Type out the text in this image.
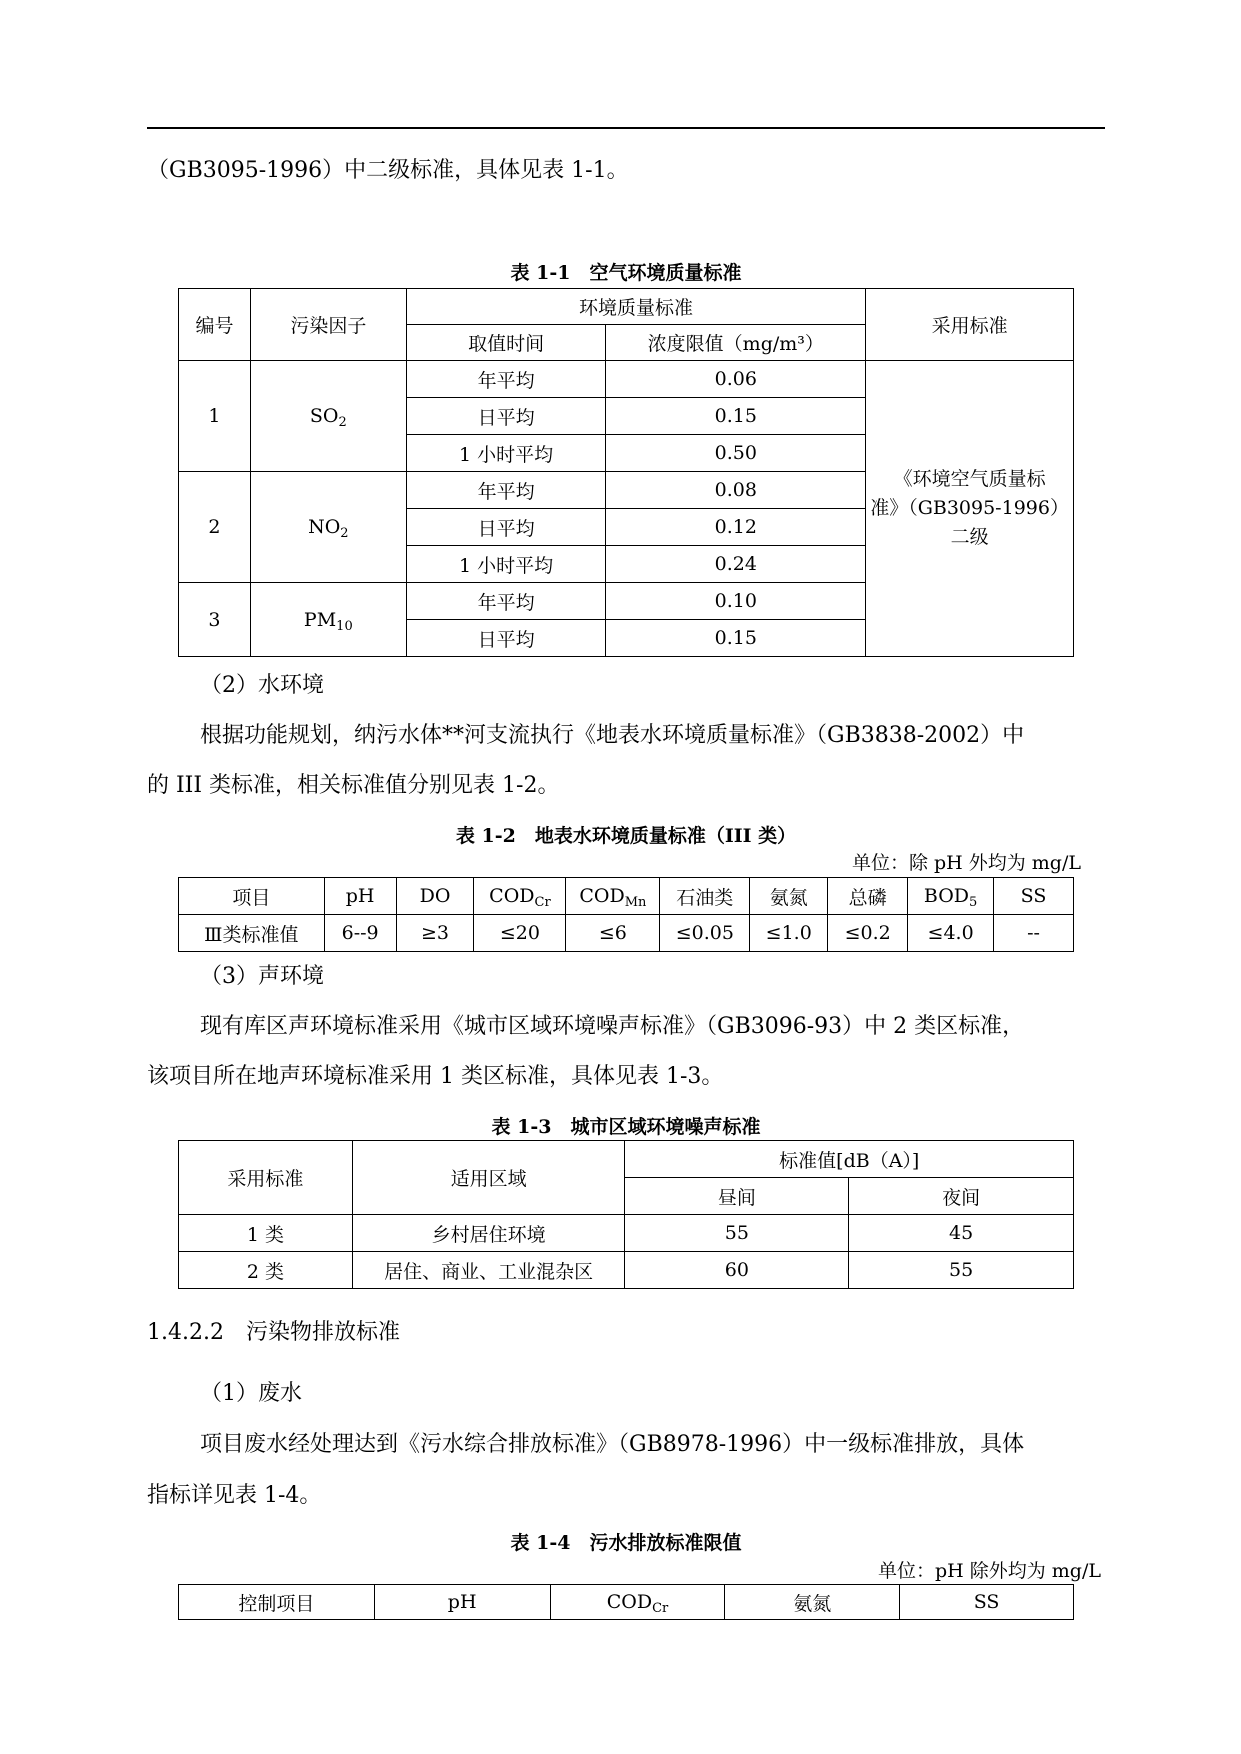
（GB3095-1996）中二级标准，具体见表 1-1。
表 1-1　空气环境质量标准
编号	污染因子	环境质量标准		采用标准
		取值时间	浓度限值（mg/m³）	
1	$SO_2$	年平均	0.06	《环境空气质量标
准》（GB3095-1996）
二级
		日平均	0.15	
		1 小时平均	0.50	
2	$NO_2$	年平均	0.08	
		日平均	0.12	
		1 小时平均	0.24	
3	$PM_{10}$	年平均	0.10	
		日平均	0.15	
（2）水环境
根据功能规划，纳污水体**河支流执行《地表水环境质量标准》（GB3838-2002）中
的 III 类标准，相关标准值分别见表 1-2。
表 1-2　地表水环境质量标准（III 类）
单位：除 pH 外均为 mg/L
项目	pH	DO	$COD_{Cr}$	$COD_{Mn}$	石油类	氨氮	总磷	$BOD_5$	SS
Ⅲ类标准值	6--9	≥3	≤20	≤6	≤0.05	≤1.0	≤0.2	≤4.0	--
（3）声环境
现有库区声环境标准采用《城市区域环境噪声标准》（GB3096-93）中 2 类区标准，
该项目所在地声环境标准采用 1 类区标准，具体见表 1-3。
表 1-3　城市区域环境噪声标准
采用标准	适用区域	标准值[dB（A）]	
		昼间	夜间
1 类	乡村居住环境	55	45
2 类	居住、商业、工业混杂区	60	55
1.4.2.2　污染物排放标准
（1）废水
项目废水经处理达到《污水综合排放标准》（GB8978-1996）中一级标准排放，具体
指标详见表 1-4。
表 1-4　污水排放标准限值
单位：pH 除外均为 mg/L
控制项目	pH	$COD_{Cr}$	氨氮	SS
